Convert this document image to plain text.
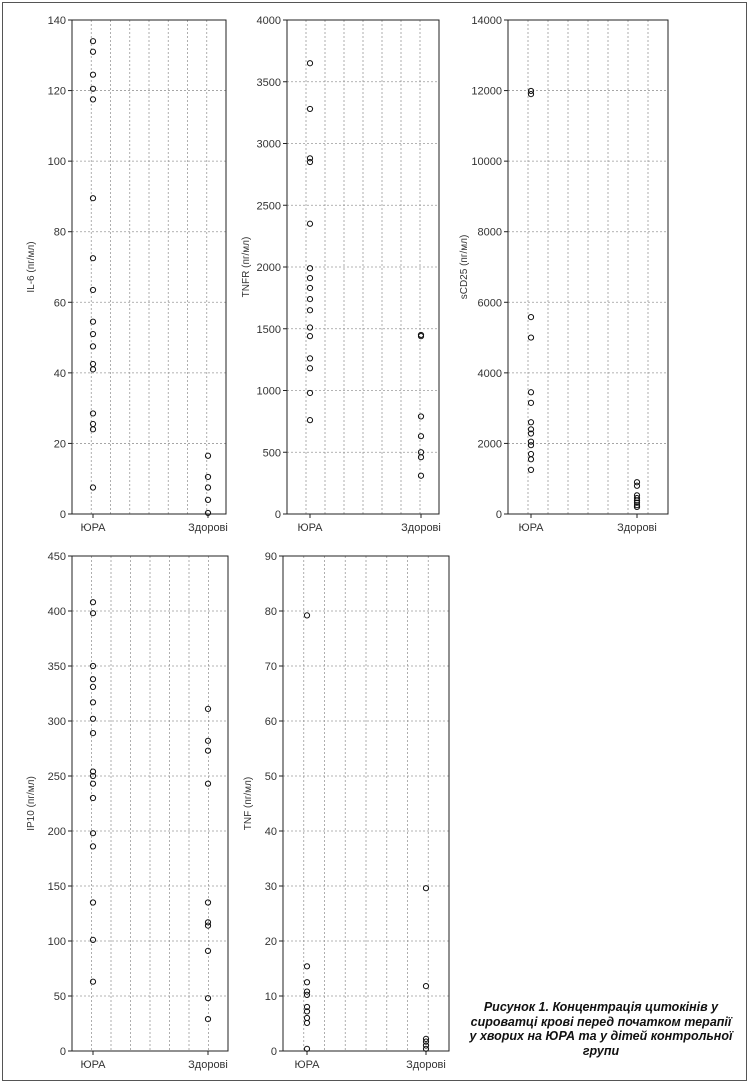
0
20
40
60
80
100
120
140
ЮРА	Здорові
IL-6 (пг/мл)
0
500
1000
1500
2000
2500
3000
3500
4000
ЮРА	Здорові
TNFR (пг/мл)
0
2000
4000
6000
8000
10000
12000
14000
ЮРА	Здорові
sCD25 (пг/мл)
0
50
100
150
200
250
300
350
400
450
ЮРА	Здорові
IP10 (пг/мл)
0
10
20
30
40
50
60
70
80
90
ЮРА	Здорові
TNF (пг/мл)
Рисунок 1. Концентрація цитокінів у сироватці крові перед початком терапії у хворих на ЮРА та у дітей контрольної групи
